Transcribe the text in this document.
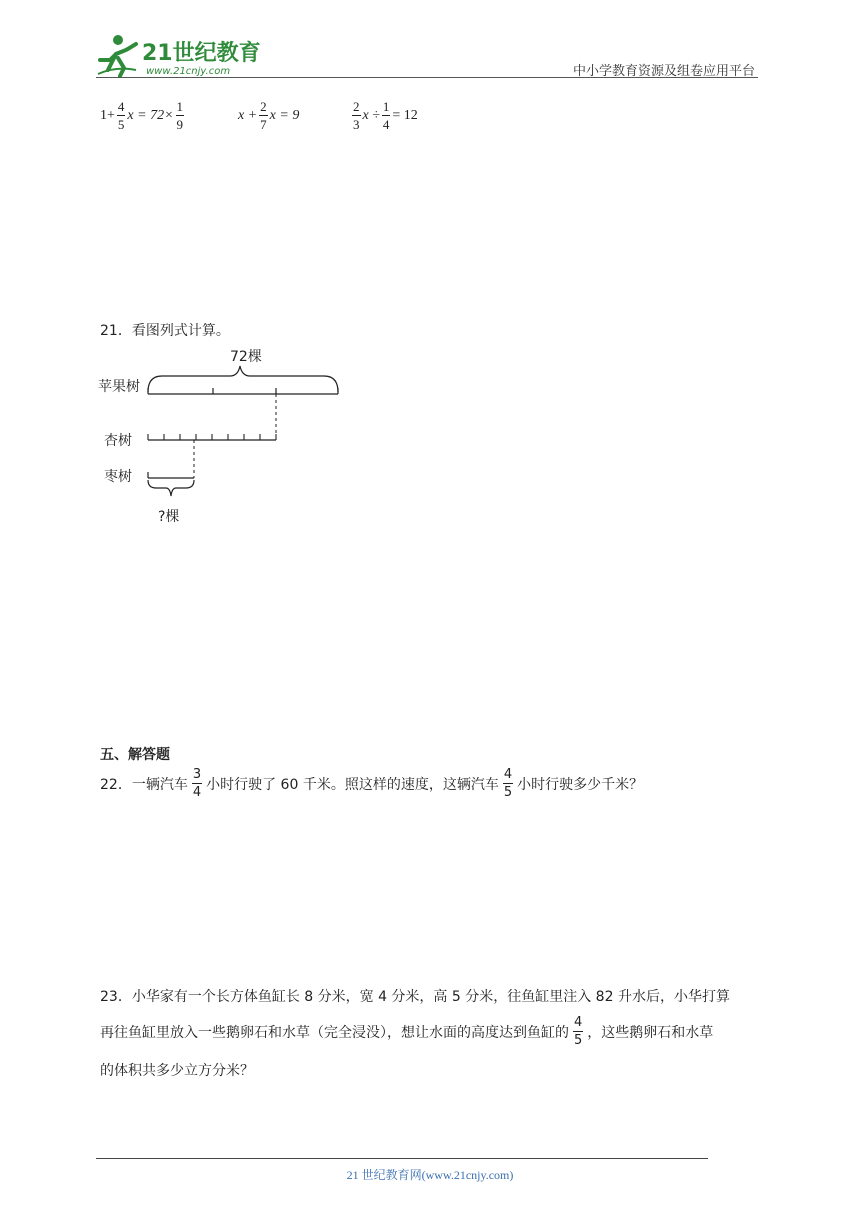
21世纪教育
www.21cnjy.com	中小学教育资源及组卷应用平台
$1+ \frac{4}{5}$ $x = 72\times \frac{1}{9}$	$x + \frac{2}{7}$ x = 9	$\frac{2}{3}$ $x \div \frac{1}{4} = 12$
21．看图列式计算。
72棵
苹果树
杏树
枣树
?棵
五、解答题
22．一辆汽车 $\frac{3}{4}$ 小时行驶了 60 千米。照这样的速度，这辆汽车 $\frac{4}{5}$ 小时行驶多少千米？
23．小华家有一个长方体鱼缸长 8 分米，宽 4 分米，高 5 分米，往鱼缸里注入 82 升水后，小华打算
再往鱼缸里放入一些鹅卵石和水草（完全浸没），想让水面的高度达到鱼缸的 $\frac{4}{5}$ ，这些鹅卵石和水草
的体积共多少立方分米？
21 世纪教育网(www.21cnjy.com)
